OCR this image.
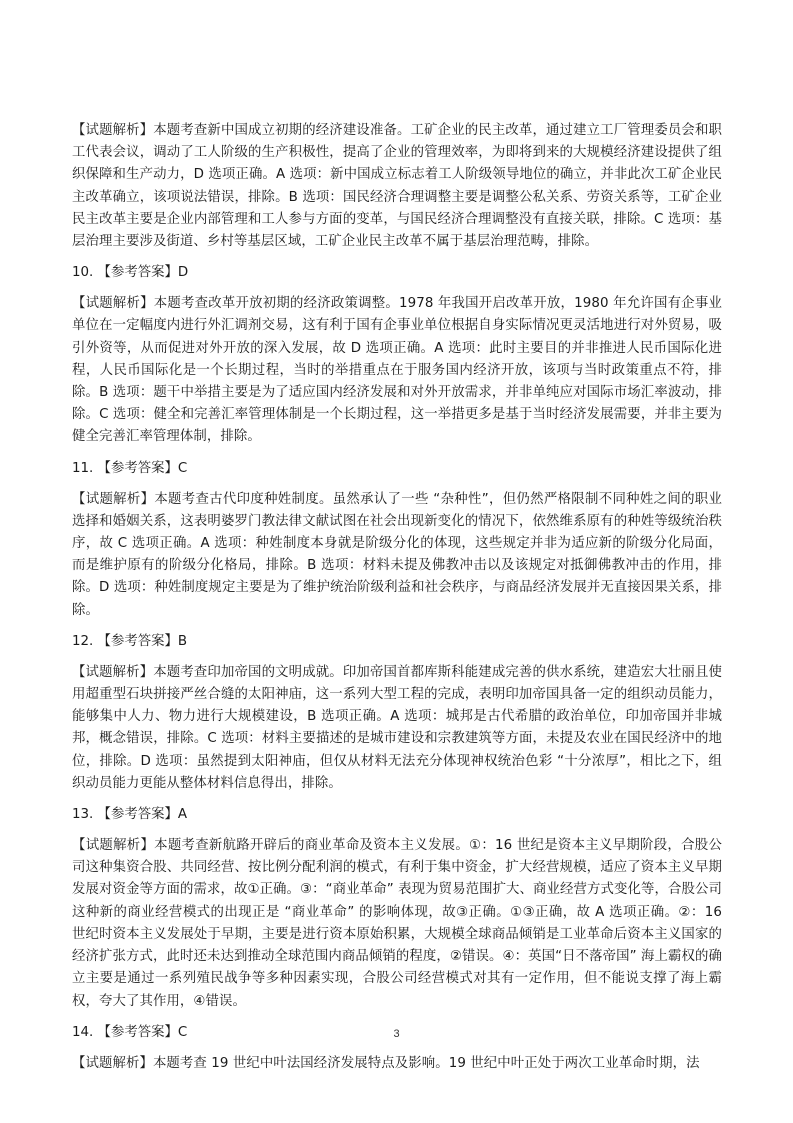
【试题解析】本题考查新中国成立初期的经济建设准备。工矿企业的民主改革，通过建立工厂管理委员会和职工代表会议，调动了工人阶级的生产积极性，提高了企业的管理效率，为即将到来的大规模经济建设提供了组织保障和生产动力，D 选项正确。A 选项：新中国成立标志着工人阶级领导地位的确立，并非此次工矿企业民主改革确立，该项说法错误，排除。B 选项：国民经济合理调整主要是调整公私关系、劳资关系等，工矿企业民主改革主要是企业内部管理和工人参与方面的变革，与国民经济合理调整没有直接关联，排除。C 选项：基层治理主要涉及街道、乡村等基层区域，工矿企业民主改革不属于基层治理范畴，排除。

10. 【参考答案】D

【试题解析】本题考查改革开放初期的经济政策调整。1978 年我国开启改革开放，1980 年允许国有企事业单位在一定幅度内进行外汇调剂交易，这有利于国有企事业单位根据自身实际情况更灵活地进行对外贸易，吸引外资等，从而促进对外开放的深入发展，故 D 选项正确。A 选项：此时主要目的并非推进人民币国际化进程，人民币国际化是一个长期过程，当时的举措重点在于服务国内经济开放，该项与当时政策重点不符，排除。B 选项：题干中举措主要是为了适应国内经济发展和对外开放需求，并非单纯应对国际市场汇率波动，排除。C 选项：健全和完善汇率管理体制是一个长期过程，这一举措更多是基于当时经济发展需要，并非主要为健全完善汇率管理体制，排除。

11. 【参考答案】C

【试题解析】本题考查古代印度种姓制度。虽然承认了一些 “杂种性”，但仍然严格限制不同种姓之间的职业选择和婚姻关系，这表明婆罗门教法律文献试图在社会出现新变化的情况下，依然维系原有的种姓等级统治秩序，故 C 选项正确。A 选项：种姓制度本身就是阶级分化的体现，这些规定并非为适应新的阶级分化局面，而是维护原有的阶级分化格局，排除。B 选项：材料未提及佛教冲击以及该规定对抵御佛教冲击的作用，排除。D 选项：种姓制度规定主要是为了维护统治阶级利益和社会秩序，与商品经济发展并无直接因果关系，排除。

12. 【参考答案】B

【试题解析】本题考查印加帝国的文明成就。印加帝国首都库斯科能建成完善的供水系统，建造宏大壮丽且使用超重型石块拼接严丝合缝的太阳神庙，这一系列大型工程的完成，表明印加帝国具备一定的组织动员能力，能够集中人力、物力进行大规模建设，B 选项正确。A 选项：城邦是古代希腊的政治单位，印加帝国并非城邦，概念错误，排除。C 选项：材料主要描述的是城市建设和宗教建筑等方面，未提及农业在国民经济中的地位，排除。D 选项：虽然提到太阳神庙，但仅从材料无法充分体现神权统治色彩 “十分浓厚”，相比之下，组织动员能力更能从整体材料信息得出，排除。

13. 【参考答案】A

【试题解析】本题考查新航路开辟后的商业革命及资本主义发展。①：16 世纪是资本主义早期阶段，合股公司这种集资合股、共同经营、按比例分配利润的模式，有利于集中资金，扩大经营规模，适应了资本主义早期发展对资金等方面的需求，故①正确。③：“商业革命” 表现为贸易范围扩大、商业经营方式变化等，合股公司这种新的商业经营模式的出现正是 “商业革命” 的影响体现，故③正确。①③正确，故 A 选项正确。②：16 世纪时资本主义发展处于早期，主要是进行资本原始积累，大规模全球商品倾销是工业革命后资本主义国家的经济扩张方式，此时还未达到推动全球范围内商品倾销的程度，②错误。④：英国“日不落帝国” 海上霸权的确立主要是通过一系列殖民战争等多种因素实现，合股公司经营模式对其有一定作用，但不能说支撑了海上霸权，夸大了其作用，④错误。

14. 【参考答案】C

【试题解析】本题考查 19 世纪中叶法国经济发展特点及影响。19 世纪中叶正处于两次工业革命时期，法

3
